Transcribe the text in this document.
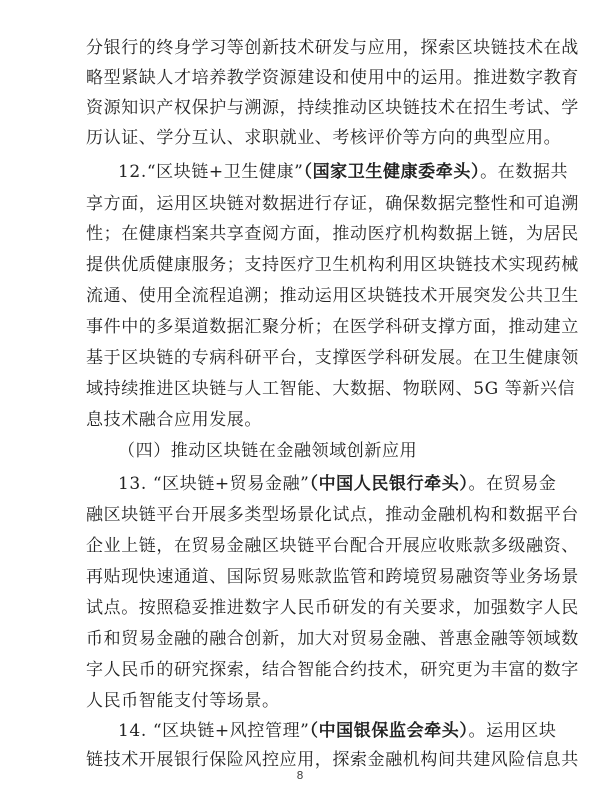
分银行的终身学习等创新技术研发与应用，探索区块链技术在战
略型紧缺人才培养教学资源建设和使用中的运用。推进数字教育
资源知识产权保护与溯源，持续推动区块链技术在招生考试、学
历认证、学分互认、求职就业、考核评价等方向的典型应用。
12.“区块链+卫生健康”（国家卫生健康委牵头）。在数据共
享方面，运用区块链对数据进行存证，确保数据完整性和可追溯
性；在健康档案共享查阅方面，推动医疗机构数据上链，为居民
提供优质健康服务；支持医疗卫生机构利用区块链技术实现药械
流通、使用全流程追溯；推动运用区块链技术开展突发公共卫生
事件中的多渠道数据汇聚分析；在医学科研支撑方面，推动建立
基于区块链的专病科研平台，支撑医学科研发展。在卫生健康领
域持续推进区块链与人工智能、大数据、物联网、5G 等新兴信
息技术融合应用发展。
（四）推动区块链在金融领域创新应用
13. “区块链+贸易金融”（中国人民银行牵头）。在贸易金
融区块链平台开展多类型场景化试点，推动金融机构和数据平台
企业上链，在贸易金融区块链平台配合开展应收账款多级融资、
再贴现快速通道、国际贸易账款监管和跨境贸易融资等业务场景
试点。按照稳妥推进数字人民币研发的有关要求，加强数字人民
币和贸易金融的融合创新，加大对贸易金融、普惠金融等领域数
字人民币的研究探索，结合智能合约技术，研究更为丰富的数字
人民币智能支付等场景。
14. “区块链+风控管理”（中国银保监会牵头）。运用区块
链技术开展银行保险风控应用，探索金融机构间共建风险信息共
8
